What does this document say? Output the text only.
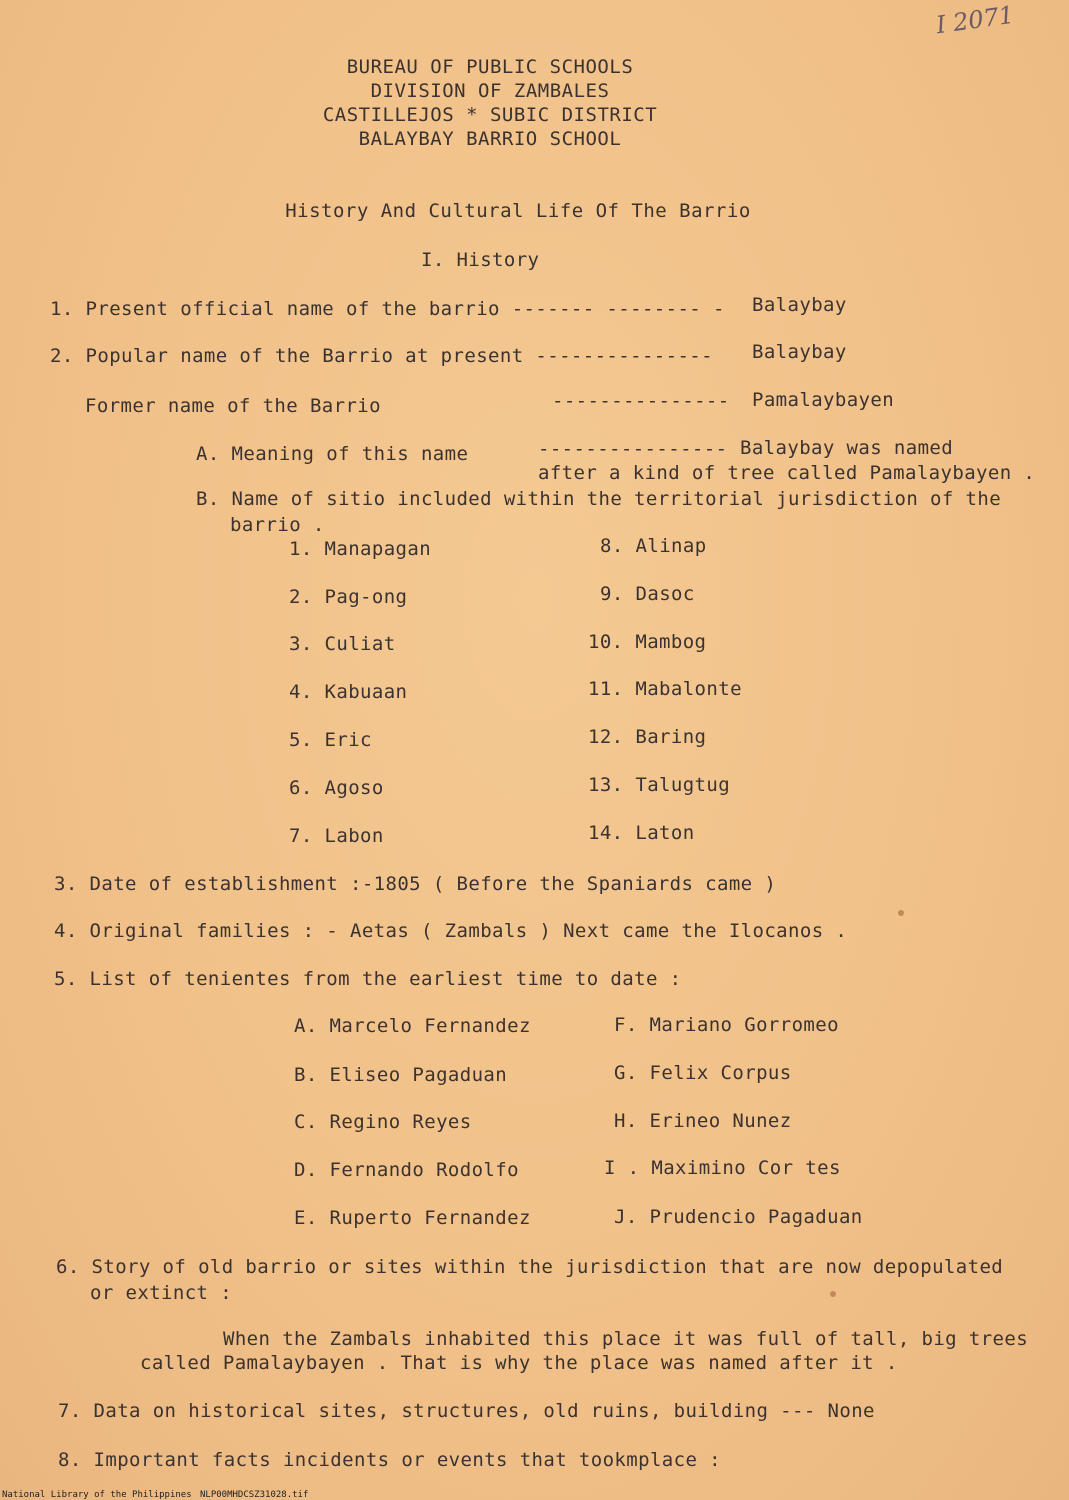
I 2071
BUREAU OF PUBLIC SCHOOLS
DIVISION OF ZAMBALES
CASTILLEJOS * SUBIC DISTRICT
BALAYBAY BARRIO SCHOOL
History And Cultural Life Of The Barrio
I. History
1. Present official name of the barrio ------- -------- - Balaybay
2. Popular name of the Barrio at present --------------- Balaybay
Former name of the Barrio	--------------- Pamalaybayen
A. Meaning of this name	---------------- Balaybay was named
after a kind of tree called Pamalaybayen .
B. Name of sitio included within the territorial jurisdiction of the
barrio .
1. Manapagan
2. Pag-ong
3. Culiat
4. Kabuaan
5. Eric
6. Agoso
7. Labon
8. Alinap
9. Dasoc
10. Mambog
11. Mabalonte
12. Baring
13. Talugtug
14. Laton
3. Date of establishment :-1805 ( Before the Spaniards came )
4. Original families : - Aetas ( Zambals ) Next came the Ilocanos .
5. List of tenientes from the earliest time to date :
A. Marcelo Fernandez
B. Eliseo Pagaduan
C. Regino Reyes
D. Fernando Rodolfo
E. Ruperto Fernandez
F. Mariano Gorromeo
G. Felix Corpus
H. Erineo Nunez
I . Maximino Cor tes
J. Prudencio Pagaduan
6. Story of old barrio or sites within the jurisdiction that are now depopulated
or extinct :
When the Zambals inhabited this place it was full of tall, big trees
called Pamalaybayen . That is why the place was named after it .
7. Data on historical sites, structures, old ruins, building --- None
8. Important facts incidents or events that tookmplace :
National Library of the Philippines NLP00MHDCSZ31028.tif
